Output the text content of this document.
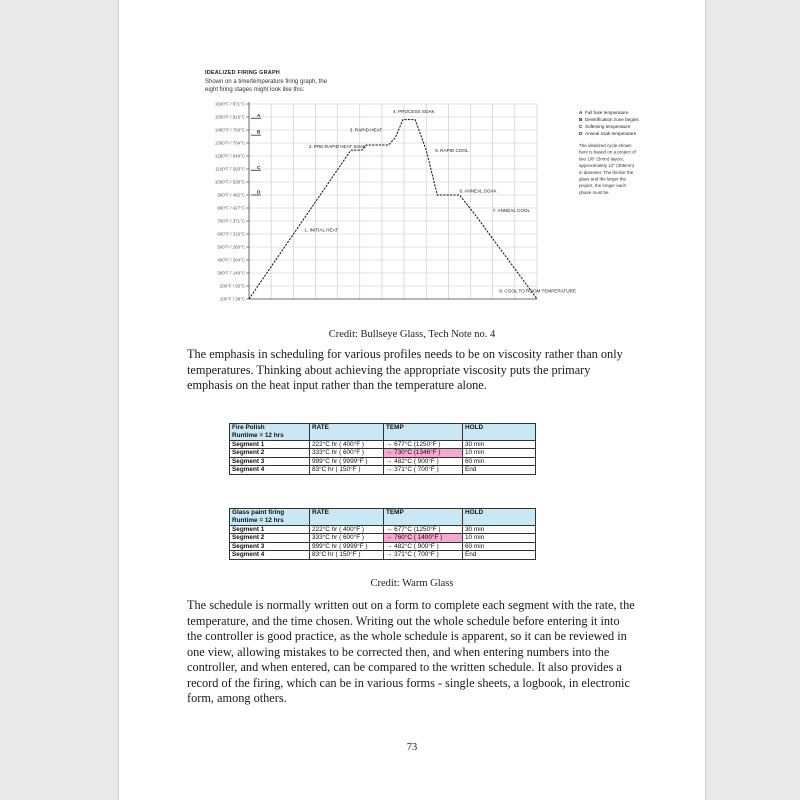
IDEALIZED FIRING GRAPH
Shown on a time/temperature firing graph, the eight firing stages might look like this:
1600°F / 871°C
1500°F / 816°C
1400°F / 760°C
1300°F / 704°C
1200°F / 649°C
1100°F / 593°C
1000°F / 538°C
900°F / 482°C
800°F / 427°C
700°F / 371°C
600°F / 316°C
500°F / 260°C
400°F / 204°C
300°F / 149°C
200°F / 93°C
100°F / 38°C
A
B
C
D
1. INITIAL HEAT
2. PRE-RAPID HEAT SOAK
3. RAPID HEAT
4. PROCESS SOAK
5. RAPID COOL
6. ANNEAL SOAK
7. ANNEAL COOL
8. COOL TO ROOM TEMPERATURE
A Full fuse temperature
B Devitrification zone begins
C Softening temperature
D Anneal soak temperature
The idealized cycle shown
here is based on a project of
two 1/8" (3mm) layers,
approximately 12" (305mm)
in diameter. The thicker the
glass and the larger the
project, the longer each
phase must be.
Credit: Bullseye Glass, Tech Note no. 4
The emphasis in scheduling for various profiles needs to be on viscosity rather than only temperatures. Thinking about achieving the appropriate viscosity puts the primary emphasis on the heat input rather than the temperature alone.
Fire Polish
Runtime = 12 hrs	RATE	TEMP	HOLD
Segment 1	222°C hr ( 400°F )	→ 677°C (1250°F )	30 min
Segment 2	333°C hr ( 600°F )	→ 730°C (1346°F )	10 min
Segment 3	999°C hr ( 9999°F )	→ 482°C ( 900°F )	60 min
Segment 4	83°C hr ( 150°F )	→ 371°C ( 700°F )	End
Glass paint firing
Runtime = 12 hrs	RATE	TEMP	HOLD
Segment 1	222°C hr ( 400°F )	→ 677°C (1250°F )	30 min
Segment 2	333°C hr ( 600°F )	→ 760°C ( 1400°F )	10 min
Segment 3	999°C hr ( 9999°F )	→ 482°C ( 900°F )	60 min
Segment 4	83°C hr ( 150°F )	→ 371°C ( 700°F )	End
Credit: Warm Glass
The schedule is normally written out on a form to complete each segment with the rate, the temperature, and the time chosen. Writing out the whole schedule before entering it into the controller is good practice, as the whole schedule is apparent, so it can be reviewed in one view, allowing mistakes to be corrected then, and when entering numbers into the controller, and when entered, can be compared to the written schedule. It also provides a record of the firing, which can be in various forms - single sheets, a logbook, in electronic form, among others.
73
